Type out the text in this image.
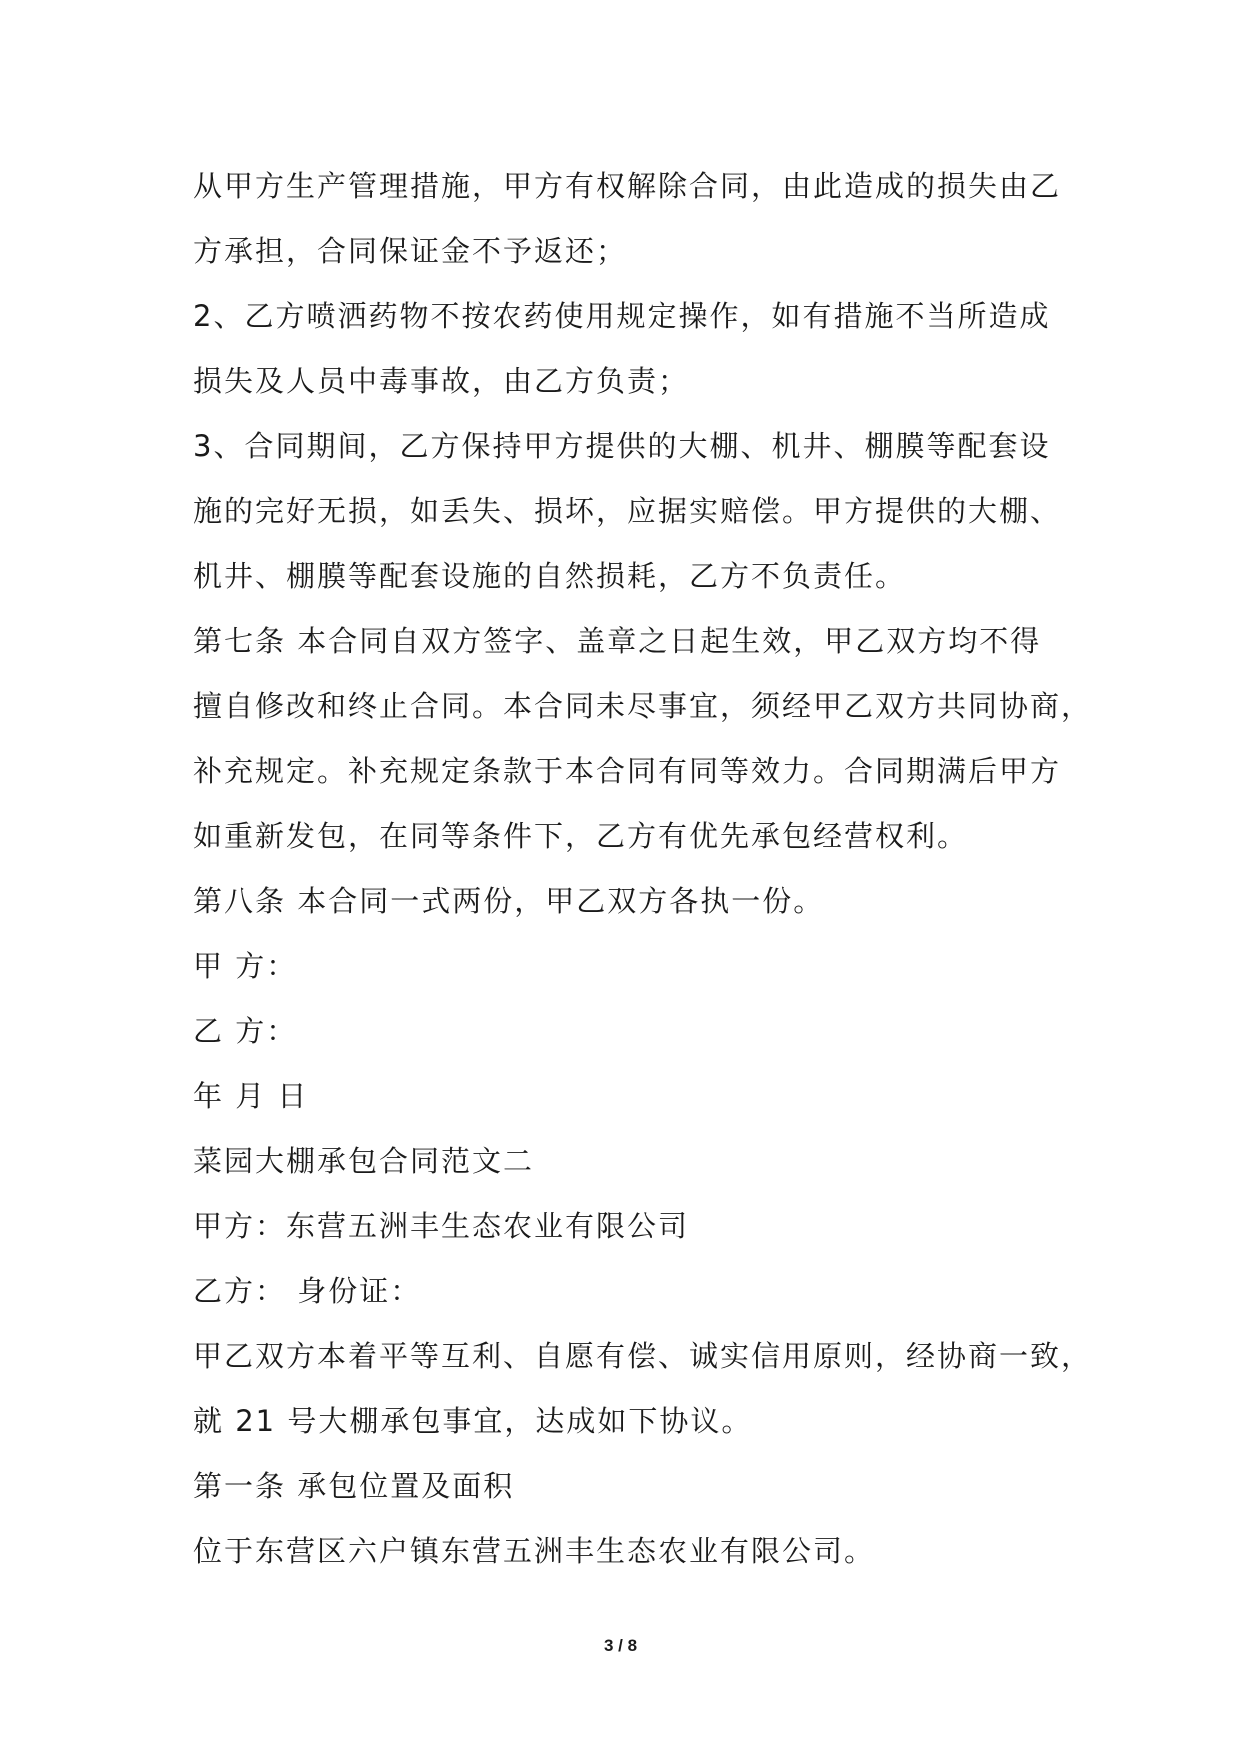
从甲方生产管理措施，甲方有权解除合同，由此造成的损失由乙
方承担，合同保证金不予返还；
2、乙方喷洒药物不按农药使用规定操作，如有措施不当所造成
损失及人员中毒事故，由乙方负责；
3、合同期间，乙方保持甲方提供的大棚、机井、棚膜等配套设
施的完好无损，如丢失、损坏，应据实赔偿。甲方提供的大棚、
机井、棚膜等配套设施的自然损耗，乙方不负责任。
第七条 本合同自双方签字、盖章之日起生效，甲乙双方均不得
擅自修改和终止合同。本合同未尽事宜，须经甲乙双方共同协商，
补充规定。补充规定条款于本合同有同等效力。合同期满后甲方
如重新发包，在同等条件下，乙方有优先承包经营权利。
第八条 本合同一式两份，甲乙双方各执一份。
甲 方：
乙 方：
年 月 日
菜园大棚承包合同范文二
甲方：东营五洲丰生态农业有限公司
乙方： 身份证：
甲乙双方本着平等互利、自愿有偿、诚实信用原则，经协商一致，
就 21 号大棚承包事宜，达成如下协议。
第一条 承包位置及面积
位于东营区六户镇东营五洲丰生态农业有限公司。
3 / 8
